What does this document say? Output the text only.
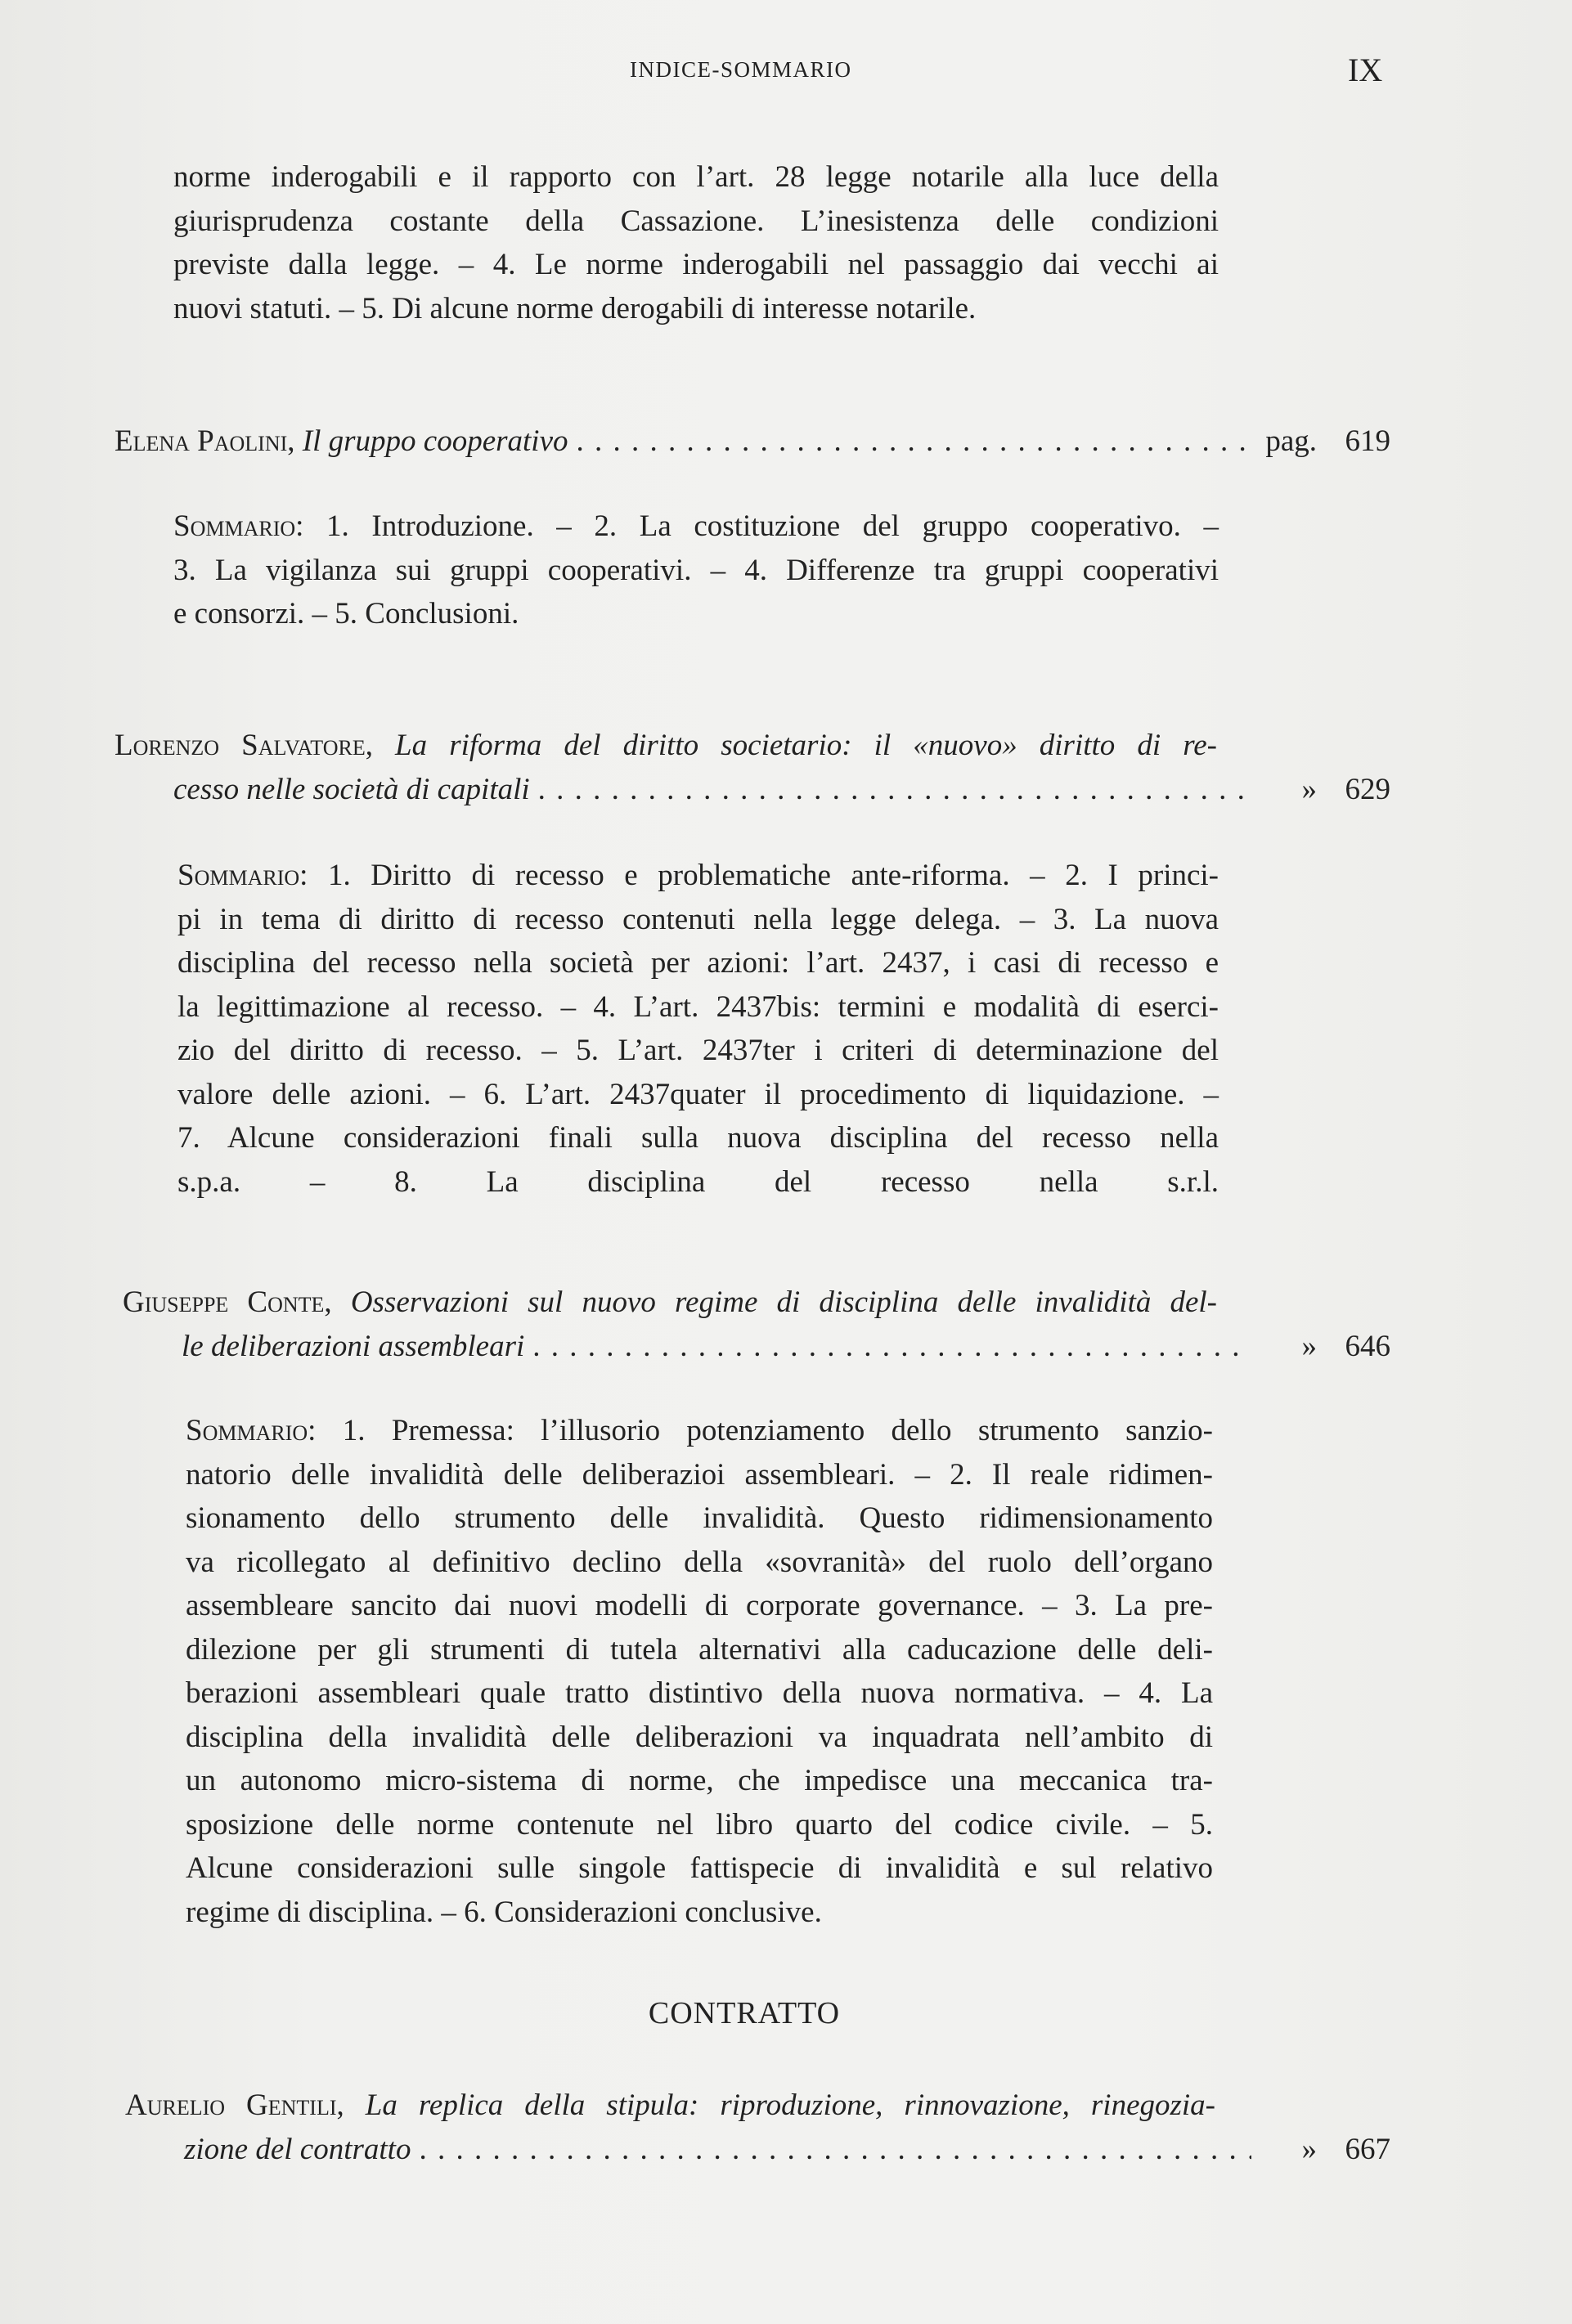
INDICE-SOMMARIO	IX
norme inderogabili e il rapporto con l’art. 28 legge notarile alla luce della
giurisprudenza costante della Cassazione. L’inesistenza delle condizioni
previste dalla legge. – 4. Le norme inderogabili nel passaggio dai vecchi ai
nuovi statuti. – 5. Di alcune norme derogabili di interesse notarile.
Elena Paolini , Il gruppo cooperativo . . .	pag. 619
Sommario: 1. Introduzione. – 2. La costituzione del gruppo cooperativo. –
3. La vigilanza sui gruppi cooperativi. – 4. Differenze tra gruppi cooperativi
e consorzi. – 5. Conclusioni.
Lorenzo Salvatore, La riforma del diritto societario: il «nuovo» diritto di re-
cesso nelle società di capitali . . .	» 629
Sommario: 1. Diritto di recesso e problematiche ante-riforma. – 2. I princi-
pi in tema di diritto di recesso contenuti nella legge delega. – 3. La nuova
disciplina del recesso nella società per azioni: l’art. 2437, i casi di recesso e
la legittimazione al recesso. – 4. L’art. 2437bis: termini e modalità di eserci-
zio del diritto di recesso. – 5. L’art. 2437ter i criteri di determinazione del
valore delle azioni. – 6. L’art. 2437quater il procedimento di liquidazione. –
7. Alcune considerazioni finali sulla nuova disciplina del recesso nella
s.p.a. – 8. La disciplina del recesso nella s.r.l.
Giuseppe Conte, Osservazioni sul nuovo regime di disciplina delle invalidità del-
le deliberazioni assembleari . . .	» 646
Sommario: 1. Premessa: l’illusorio potenziamento dello strumento sanzio-
natorio delle invalidità delle deliberazioi assembleari. – 2. Il reale ridimen-
sionamento dello strumento delle invalidità. Questo ridimensionamento
va ricollegato al definitivo declino della «sovranità» del ruolo dell’organo
assembleare sancito dai nuovi modelli di corporate governance. – 3. La pre-
dilezione per gli strumenti di tutela alternativi alla caducazione delle deli-
berazioni assembleari quale tratto distintivo della nuova normativa. – 4. La
disciplina della invalidità delle deliberazioni va inquadrata nell’ambito di
un autonomo micro-sistema di norme, che impedisce una meccanica tra-
sposizione delle norme contenute nel libro quarto del codice civile. – 5.
Alcune considerazioni sulle singole fattispecie di invalidità e sul relativo
regime di disciplina. – 6. Considerazioni conclusive.
CONTRATTO
Aurelio Gentili, La replica della stipula: riproduzione, rinnovazione, rinegozia-
zione del contratto . . .	» 667
